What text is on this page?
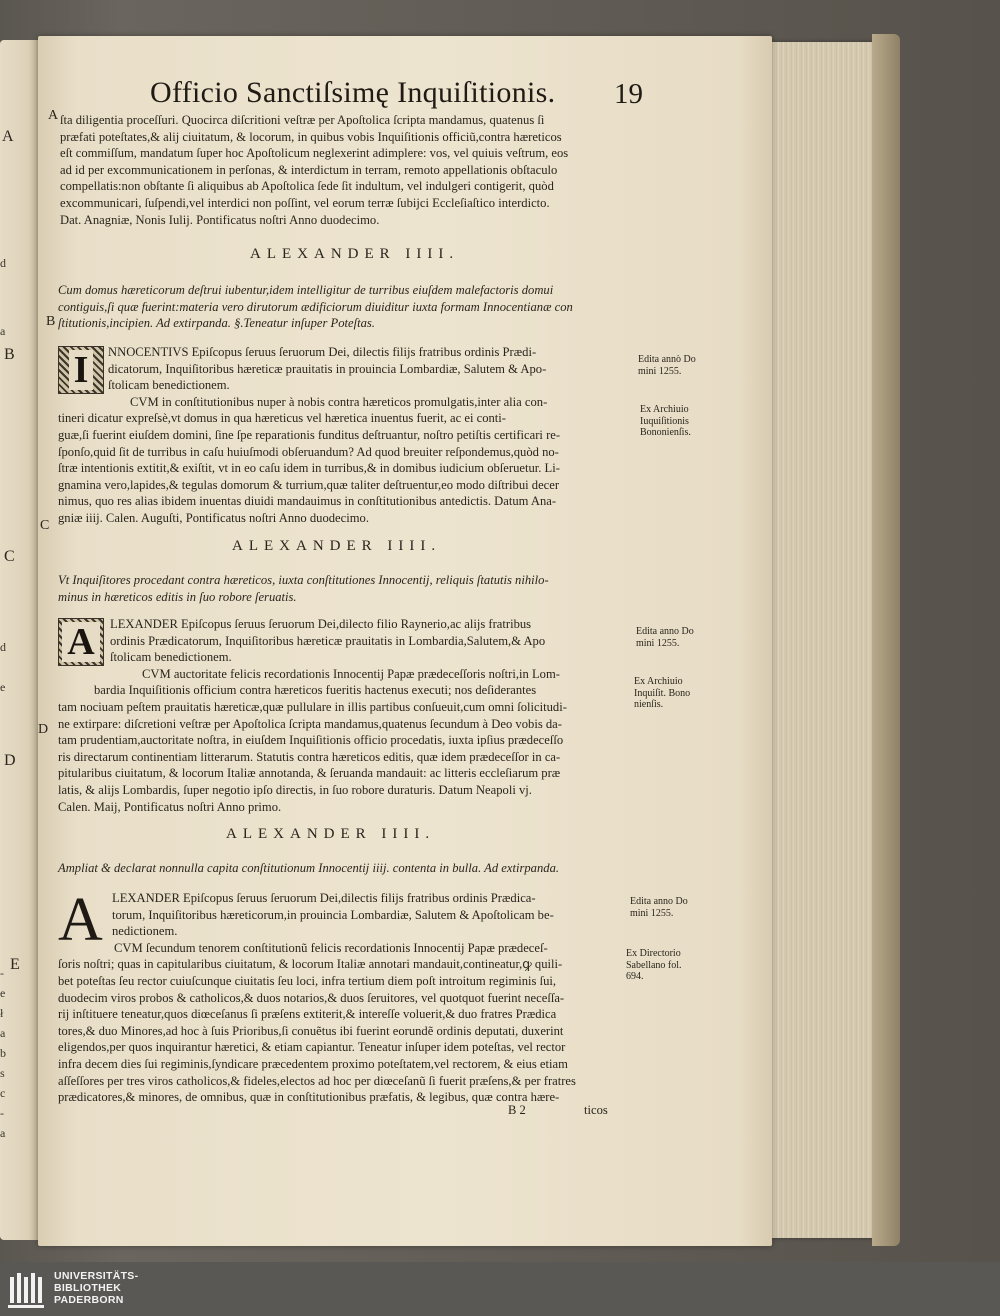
A
B
C
D
E
d
a
d
e
-
e
ł
a
b
s
c
-
a
Officio Sanctiſsimę Inquiſitionis. 19
A
B
C
D

ſta diligentia proceſſuri. Quocirca diſcritioni veſtræ per Apoſtolica ſcripta mandamus, quatenus ſi

præfati poteſtates,& alij ciuitatum, & locorum, in quibus vobis Inquiſitionis officiũ,contra hæreticos

eſt commiſſum, mandatum ſuper hoc Apoſtolicum neglexerint adimplere: vos, vel quiuis veſtrum, eos

ad id per excommunicationem in perſonas, & interdictum in terram, remoto appellationis obſtaculo

compellatis:non obſtante ſi aliquibus ab Apoſtolica ſede ſit indultum, vel indulgeri contigerit, quòd

excommunicari, ſuſpendi,vel interdici non poſſint, vel eorum terræ ſubijci Eccleſiaſtico interdicto.

Dat. Anagniæ, Nonis Iulij. Pontificatus noſtri Anno duodecimo.

ALEXANDER IIII.

Cum domus hæreticorum deſtrui iubentur,idem intelligitur de turribus eiuſdem malefactoris domui

contiguis,ſi quæ fuerint:materia vero dirutorum ædificiorum diuiditur iuxta formam Innocentianæ con

ſtitutionis,incipien. Ad extirpanda. §.Teneatur inſuper Poteſtas.

I	NNOCENTIVS Epiſcopus ſeruus ſeruorum Dei, dilectis filijs fratribus ordinis Prædi-

dicatorum, Inquiſitoribus hæreticæ prauitatis in prouincia Lombardiæ, Salutem & Apo-

ſtolicam benedictionem.

CVM in conſtitutionibus nuper à nobis contra hæreticos promulgatis,inter alia con-

tineri dicatur expreſsè,vt domus in qua hæreticus vel hæretica inuentus fuerit, ac ei conti-

guæ,ſi fuerint eiuſdem domini, ſine ſpe reparationis funditus deſtruantur, noſtro petiſtis certificari re-

ſponſo,quid ſit de turribus in caſu huiuſmodi obſeruandum? Ad quod breuiter reſpondemus,quòd no-

ſtræ intentionis extitit,& exiſtit, vt in eo caſu idem in turribus,& in domibus iudicium obſeruetur. Li-

gnamina vero,lapides,& tegulas domorum & turrium,quæ taliter deſtruentur,eo modo diſtribui decer

nimus, quo res alias ibidem inuentas diuidi mandauimus in conſtitutionibus antedictis. Datum Ana-

gniæ iiij. Calen. Auguſti, Pontificatus noſtri Anno duodecimo.

Edita annò Do

mini 1255.

Ex Archiuio

Iuquiſitionis

Bononienſis.

ALEXANDER IIII.

Vt Inquiſitores procedant contra hæreticos, iuxta conſtitutiones Innocentij, reliquis ſtatutis nihilo-

minus in hæreticos editis in ſuo robore ſeruatis.

A	LEXANDER Epiſcopus ſeruus ſeruorum Dei,dilecto filio Raynerio,ac alijs fratribus

ordinis Prædicatorum, Inquiſitoribus hæreticæ prauitatis in Lombardia,Salutem,& Apo

ſtolicam benedictionem.

CVM auctoritate felicis recordationis Innocentij Papæ prædeceſſoris noſtri,in Lom-

bardia Inquiſitionis officium contra hæreticos fueritis hactenus executi; nos deſiderantes

tam nociuam peſtem prauitatis hæreticæ,quæ pullulare in illis partibus conſueuit,cum omni ſolicitudi-

ne extirpare: diſcretioni veſtræ per Apoſtolica ſcripta mandamus,quatenus ſecundum à Deo vobis da-

tam prudentiam,auctoritate noſtra, in eiuſdem Inquiſitionis officio procedatis, iuxta ipſius prædeceſſo

ris directarum continentiam litterarum. Statutis contra hæreticos editis, quæ idem prædeceſſor in ca-

pitularibus ciuitatum, & locorum Italiæ annotanda, & ſeruanda mandauit: ac litteris eccleſiarum præ

latis, & alijs Lombardis, ſuper negotio ipſo directis, in ſuo robore duraturis. Datum Neapoli vj.

Calen. Maij, Pontificatus noſtri Anno primo.

Edita anno Do

mini 1255.

Ex Archiuio

Inquiſit. Bono

nienſis.

ALEXANDER IIII.

Ampliat & declarat nonnulla capita conſtitutionum Innocentij iiij. contenta in bulla. Ad extirpanda.

A LEXANDER Epiſcopus ſeruus ſeruorum Dei,dilectis filijs fratribus ordinis Prædica-

torum, Inquiſitoribus hæreticorum,in prouincia Lombardiæ, Salutem & Apoſtolicam be-

nedictionem.

CVM ſecundum tenorem conſtitutionũ felicis recordationis Innocentij Papæ prædeceſ-

ſoris noſtri; quas in capitularibus ciuitatum, & locorum Italiæ annotari mandauit,contineatur,ꝙ quili-

bet poteſtas ſeu rector cuiuſcunque ciuitatis ſeu loci, infra tertium diem poſt introitum regiminis ſui,

duodecim viros probos & catholicos,& duos notarios,& duos ſeruitores, vel quotquot fuerint neceſſa-

rij inſtituere teneatur,quos diœceſanus ſi præſens extiterit,& intereſſe voluerit,& duo fratres Prædica

tores,& duo Minores,ad hoc à ſuis Prioribus,ſi conuẽtus ibi fuerint eorundẽ ordinis deputati, duxerint

eligendos,per quos inquirantur hæretici, & etiam capiantur. Teneatur inſuper idem poteſtas, vel rector

infra decem dies ſui regiminis,ſyndicare præcedentem proximo poteſtatem,vel rectorem, & eius etiam

aſſeſſores per tres viros catholicos,& fideles,electos ad hoc per diœceſanũ ſi fuerit præſens,& per fratres

prædicatores,& minores, de omnibus, quæ in conſtitutionibus præfatis, & legibus, quæ contra hære-

Edita anno Do

mini 1255.

Ex Directorio

Sabellano fol.

694.

B 2	ticos
UNIVERSITÄTS-
BIBLIOTHEK
PADERBORN
